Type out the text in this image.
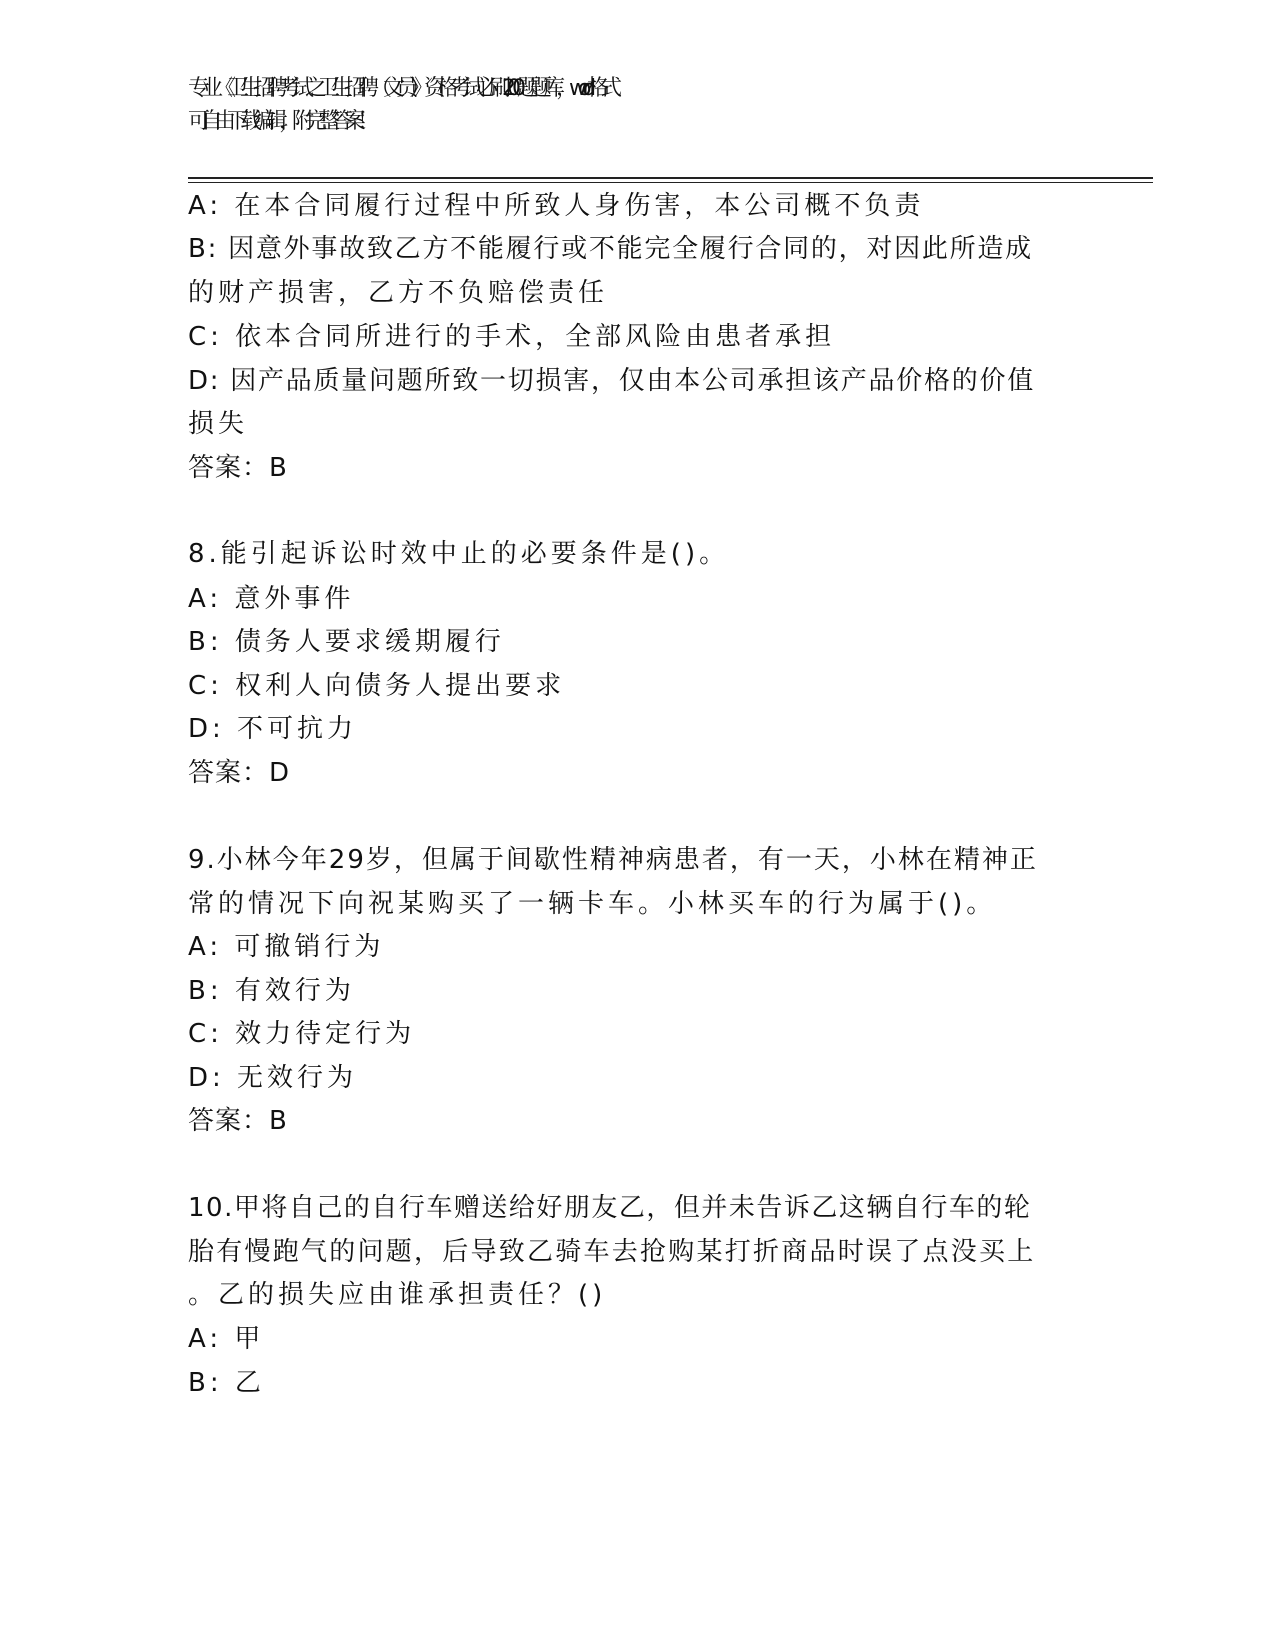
专业《卫生招聘考试之卫生招聘（文员）》资格考试必刷200题题库，word格式
可自由下载编辑，附完整答案！
A: 在本合同履行过程中所致人身伤害，本公司概不负责
B: 因意外事故致乙方不能履行或不能完全履行合同的，对因此所造成
的财产损害，乙方不负赔偿责任
C: 依本合同所进行的手术，全部风险由患者承担
D: 因产品质量问题所致一切损害，仅由本公司承担该产品价格的价值
损失
答案：B
8.能引起诉讼时效中止的必要条件是()。
A: 意外事件
B: 债务人要求缓期履行
C: 权利人向债务人提出要求
D: 不可抗力
答案：D
9.小林今年29岁，但属于间歇性精神病患者，有一天，小林在精神正
常的情况下向祝某购买了一辆卡车。小林买车的行为属于()。
A: 可撤销行为
B: 有效行为
C: 效力待定行为
D: 无效行为
答案：B
10.甲将自己的自行车赠送给好朋友乙，但并未告诉乙这辆自行车的轮
胎有慢跑气的问题，后导致乙骑车去抢购某打折商品时误了点没买上
。乙的损失应由谁承担责任？()
A: 甲
B: 乙
